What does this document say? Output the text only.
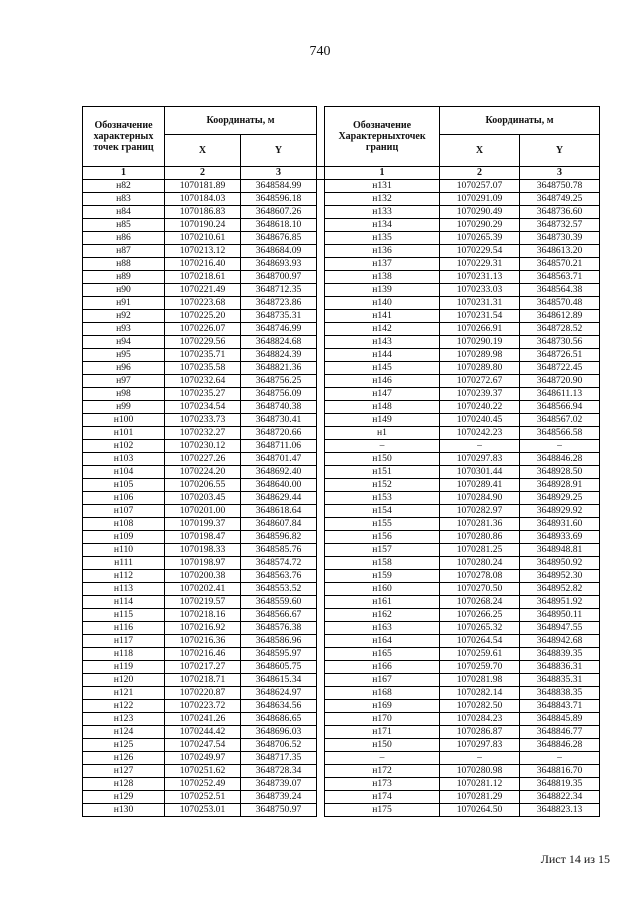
740
Обозначение характерных точек границ	Координаты, м			Обозначение Характерныхточек границ	Координаты, м	
	X	Y			X	Y
1	2	3		1	2	3
н82	1070181.89	3648584.99		н131	1070257.07	3648750.78
н83	1070184.03	3648596.18		н132	1070291.09	3648749.25
н84	1070186.83	3648607.26		н133	1070290.49	3648736.60
н85	1070190.24	3648618.10		н134	1070290.29	3648732.57
н86	1070210.61	3648676.85		н135	1070265.39	3648730.39
н87	1070213.12	3648684.09		н136	1070229.54	3648613.20
н88	1070216.40	3648693.93		н137	1070229.31	3648570.21
н89	1070218.61	3648700.97		н138	1070231.13	3648563.71
н90	1070221.49	3648712.35		н139	1070233.03	3648564.38
н91	1070223.68	3648723.86		н140	1070231.31	3648570.48
н92	1070225.20	3648735.31		н141	1070231.54	3648612.89
н93	1070226.07	3648746.99		н142	1070266.91	3648728.52
н94	1070229.56	3648824.68		н143	1070290.19	3648730.56
н95	1070235.71	3648824.39		н144	1070289.98	3648726.51
н96	1070235.58	3648821.36		н145	1070289.80	3648722.45
н97	1070232.64	3648756.25		н146	1070272.67	3648720.90
н98	1070235.27	3648756.09		н147	1070239.37	3648611.13
н99	1070234.54	3648740.38		н148	1070240.22	3648566.94
н100	1070233.73	3648730.41		н149	1070240.45	3648567.02
н101	1070232.27	3648720.66		н1	1070242.23	3648566.58
н102	1070230.12	3648711.06		–	–	–
н103	1070227.26	3648701.47		н150	1070297.83	3648846.28
н104	1070224.20	3648692.40		н151	1070301.44	3648928.50
н105	1070206.55	3648640.00		н152	1070289.41	3648928.91
н106	1070203.45	3648629.44		н153	1070284.90	3648929.25
н107	1070201.00	3648618.64		н154	1070282.97	3648929.92
н108	1070199.37	3648607.84		н155	1070281.36	3648931.60
н109	1070198.47	3648596.82		н156	1070280.86	3648933.69
н110	1070198.33	3648585.76		н157	1070281.25	3648948.81
н111	1070198.97	3648574.72		н158	1070280.24	3648950.92
н112	1070200.38	3648563.76		н159	1070278.08	3648952.30
н113	1070202.41	3648553.52		н160	1070270.50	3648952.82
н114	1070219.57	3648559.60		н161	1070268.24	3648951.92
н115	1070218.16	3648566.67		н162	1070266.25	3648950.11
н116	1070216.92	3648576.38		н163	1070265.32	3648947.55
н117	1070216.36	3648586.96		н164	1070264.54	3648942.68
н118	1070216.46	3648595.97		н165	1070259.61	3648839.35
н119	1070217.27	3648605.75		н166	1070259.70	3648836.31
н120	1070218.71	3648615.34		н167	1070281.98	3648835.31
н121	1070220.87	3648624.97		н168	1070282.14	3648838.35
н122	1070223.72	3648634.56		н169	1070282.50	3648843.71
н123	1070241.26	3648686.65		н170	1070284.23	3648845.89
н124	1070244.42	3648696.03		н171	1070286.87	3648846.77
н125	1070247.54	3648706.52		н150	1070297.83	3648846.28
н126	1070249.97	3648717.35		–	–	–
н127	1070251.62	3648728.34		н172	1070280.98	3648816.70
н128	1070252.49	3648739.07		н173	1070281.12	3648819.35
н129	1070252.51	3648739.24		н174	1070281.29	3648822.34
н130	1070253.01	3648750.97		н175	1070264.50	3648823.13
Лист 14 из 15
